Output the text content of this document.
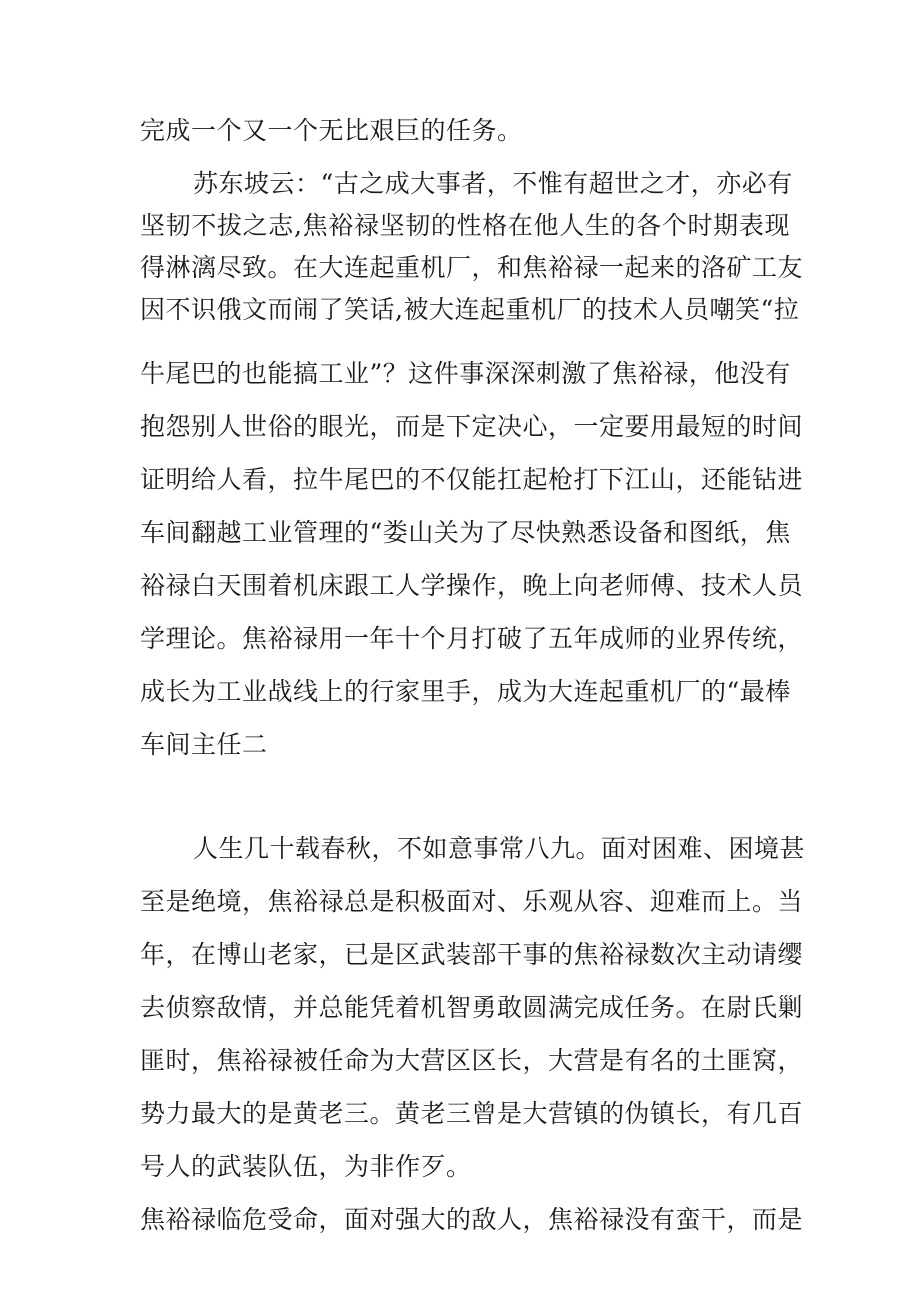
完成一个又一个无比艰巨的任务。
苏东坡云：“古之成大事者，不惟有超世之才，亦必有
坚韧不拔之志,焦裕禄坚韧的性格在他人生的各个时期表现
得淋漓尽致。在大连起重机厂，和焦裕禄一起来的洛矿工友
因不识俄文而闹了笑话,被大连起重机厂的技术人员嘲笑“拉
牛尾巴的也能搞工业”？这件事深深刺激了焦裕禄，他没有
抱怨别人世俗的眼光，而是下定决心，一定要用最短的时间
证明给人看，拉牛尾巴的不仅能扛起枪打下江山，还能钻进
车间翻越工业管理的“娄山关为了尽快熟悉设备和图纸，焦
裕禄白天围着机床跟工人学操作，晚上向老师傅、技术人员
学理论。焦裕禄用一年十个月打破了五年成师的业界传统，
成长为工业战线上的行家里手，成为大连起重机厂的“最棒
车间主任二
人生几十载春秋，不如意事常八九。面对困难、困境甚
至是绝境，焦裕禄总是积极面对、乐观从容、迎难而上。当
年，在博山老家，已是区武装部干事的焦裕禄数次主动请缨
去侦察敌情，并总能凭着机智勇敢圆满完成任务。在尉氏剿
匪时，焦裕禄被任命为大营区区长，大营是有名的土匪窝，
势力最大的是黄老三。黄老三曾是大营镇的伪镇长，有几百
号人的武装队伍，为非作歹。
焦裕禄临危受命，面对强大的敌人，焦裕禄没有蛮干，而是
